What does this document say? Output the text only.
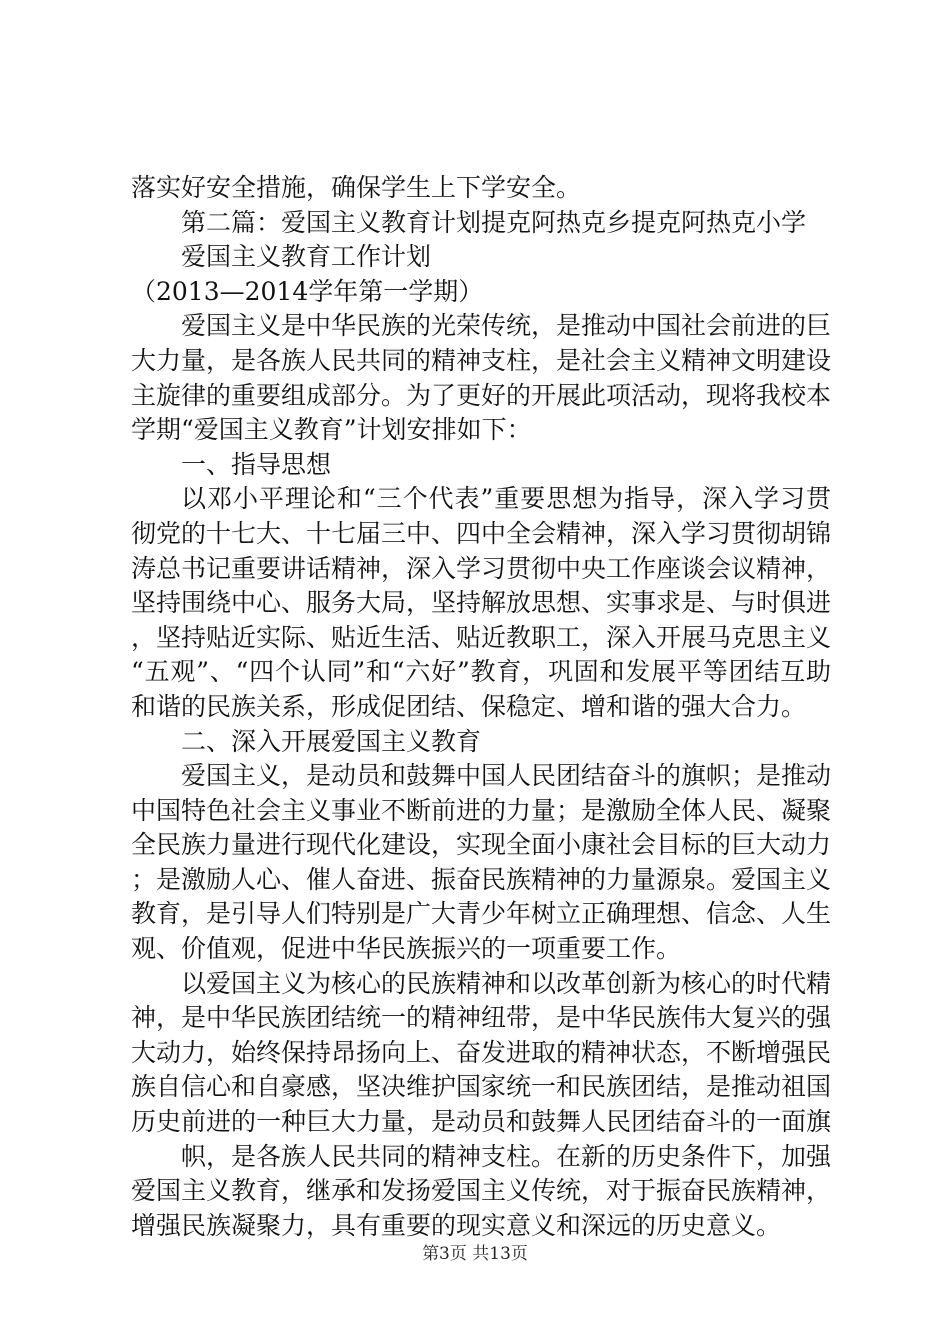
落实好安全措施，确保学生上下学安全。

第二篇：爱国主义教育计划提克阿热克乡提克阿热克小学

爱国主义教育工作计划

（2013—2014学年第一学期）

爱国主义是中华民族的光荣传统，是推动中国社会前进的巨大力量，是各族人民共同的精神支柱，是社会主义精神文明建设主旋律的重要组成部分。为了更好的开展此项活动，现将我校本学期“爱国主义教育”计划安排如下：

一、指导思想

以邓小平理论和“三个代表”重要思想为指导，深入学习贯彻党的十七大、十七届三中、四中全会精神，深入学习贯彻胡锦涛总书记重要讲话精神，深入学习贯彻中央工作座谈会议精神，坚持围绕中心、服务大局，坚持解放思想、实事求是、与时俱进，坚持贴近实际、贴近生活、贴近教职工，深入开展马克思主义“五观”、“四个认同”和“六好”教育，巩固和发展平等团结互助和谐的民族关系，形成促团结、保稳定、增和谐的强大合力。

二、深入开展爱国主义教育

爱国主义，是动员和鼓舞中国人民团结奋斗的旗帜；是推动中国特色社会主义事业不断前进的力量；是激励全体人民、凝聚全民族力量进行现代化建设，实现全面小康社会目标的巨大动力；是激励人心、催人奋进、振奋民族精神的力量源泉。爱国主义教育，是引导人们特别是广大青少年树立正确理想、信念、人生观、价值观，促进中华民族振兴的一项重要工作。

以爱国主义为核心的民族精神和以改革创新为核心的时代精神，是中华民族团结统一的精神纽带，是中华民族伟大复兴的强大动力，始终保持昂扬向上、奋发进取的精神状态，不断增强民族自信心和自豪感，坚决维护国家统一和民族团结，是推动祖国历史前进的一种巨大力量，是动员和鼓舞人民团结奋斗的一面旗

帜，是各族人民共同的精神支柱。在新的历史条件下，加强爱国主义教育，继承和发扬爱国主义传统，对于振奋民族精神，增强民族凝聚力，具有重要的现实意义和深远的历史意义。

第3页 共13页
